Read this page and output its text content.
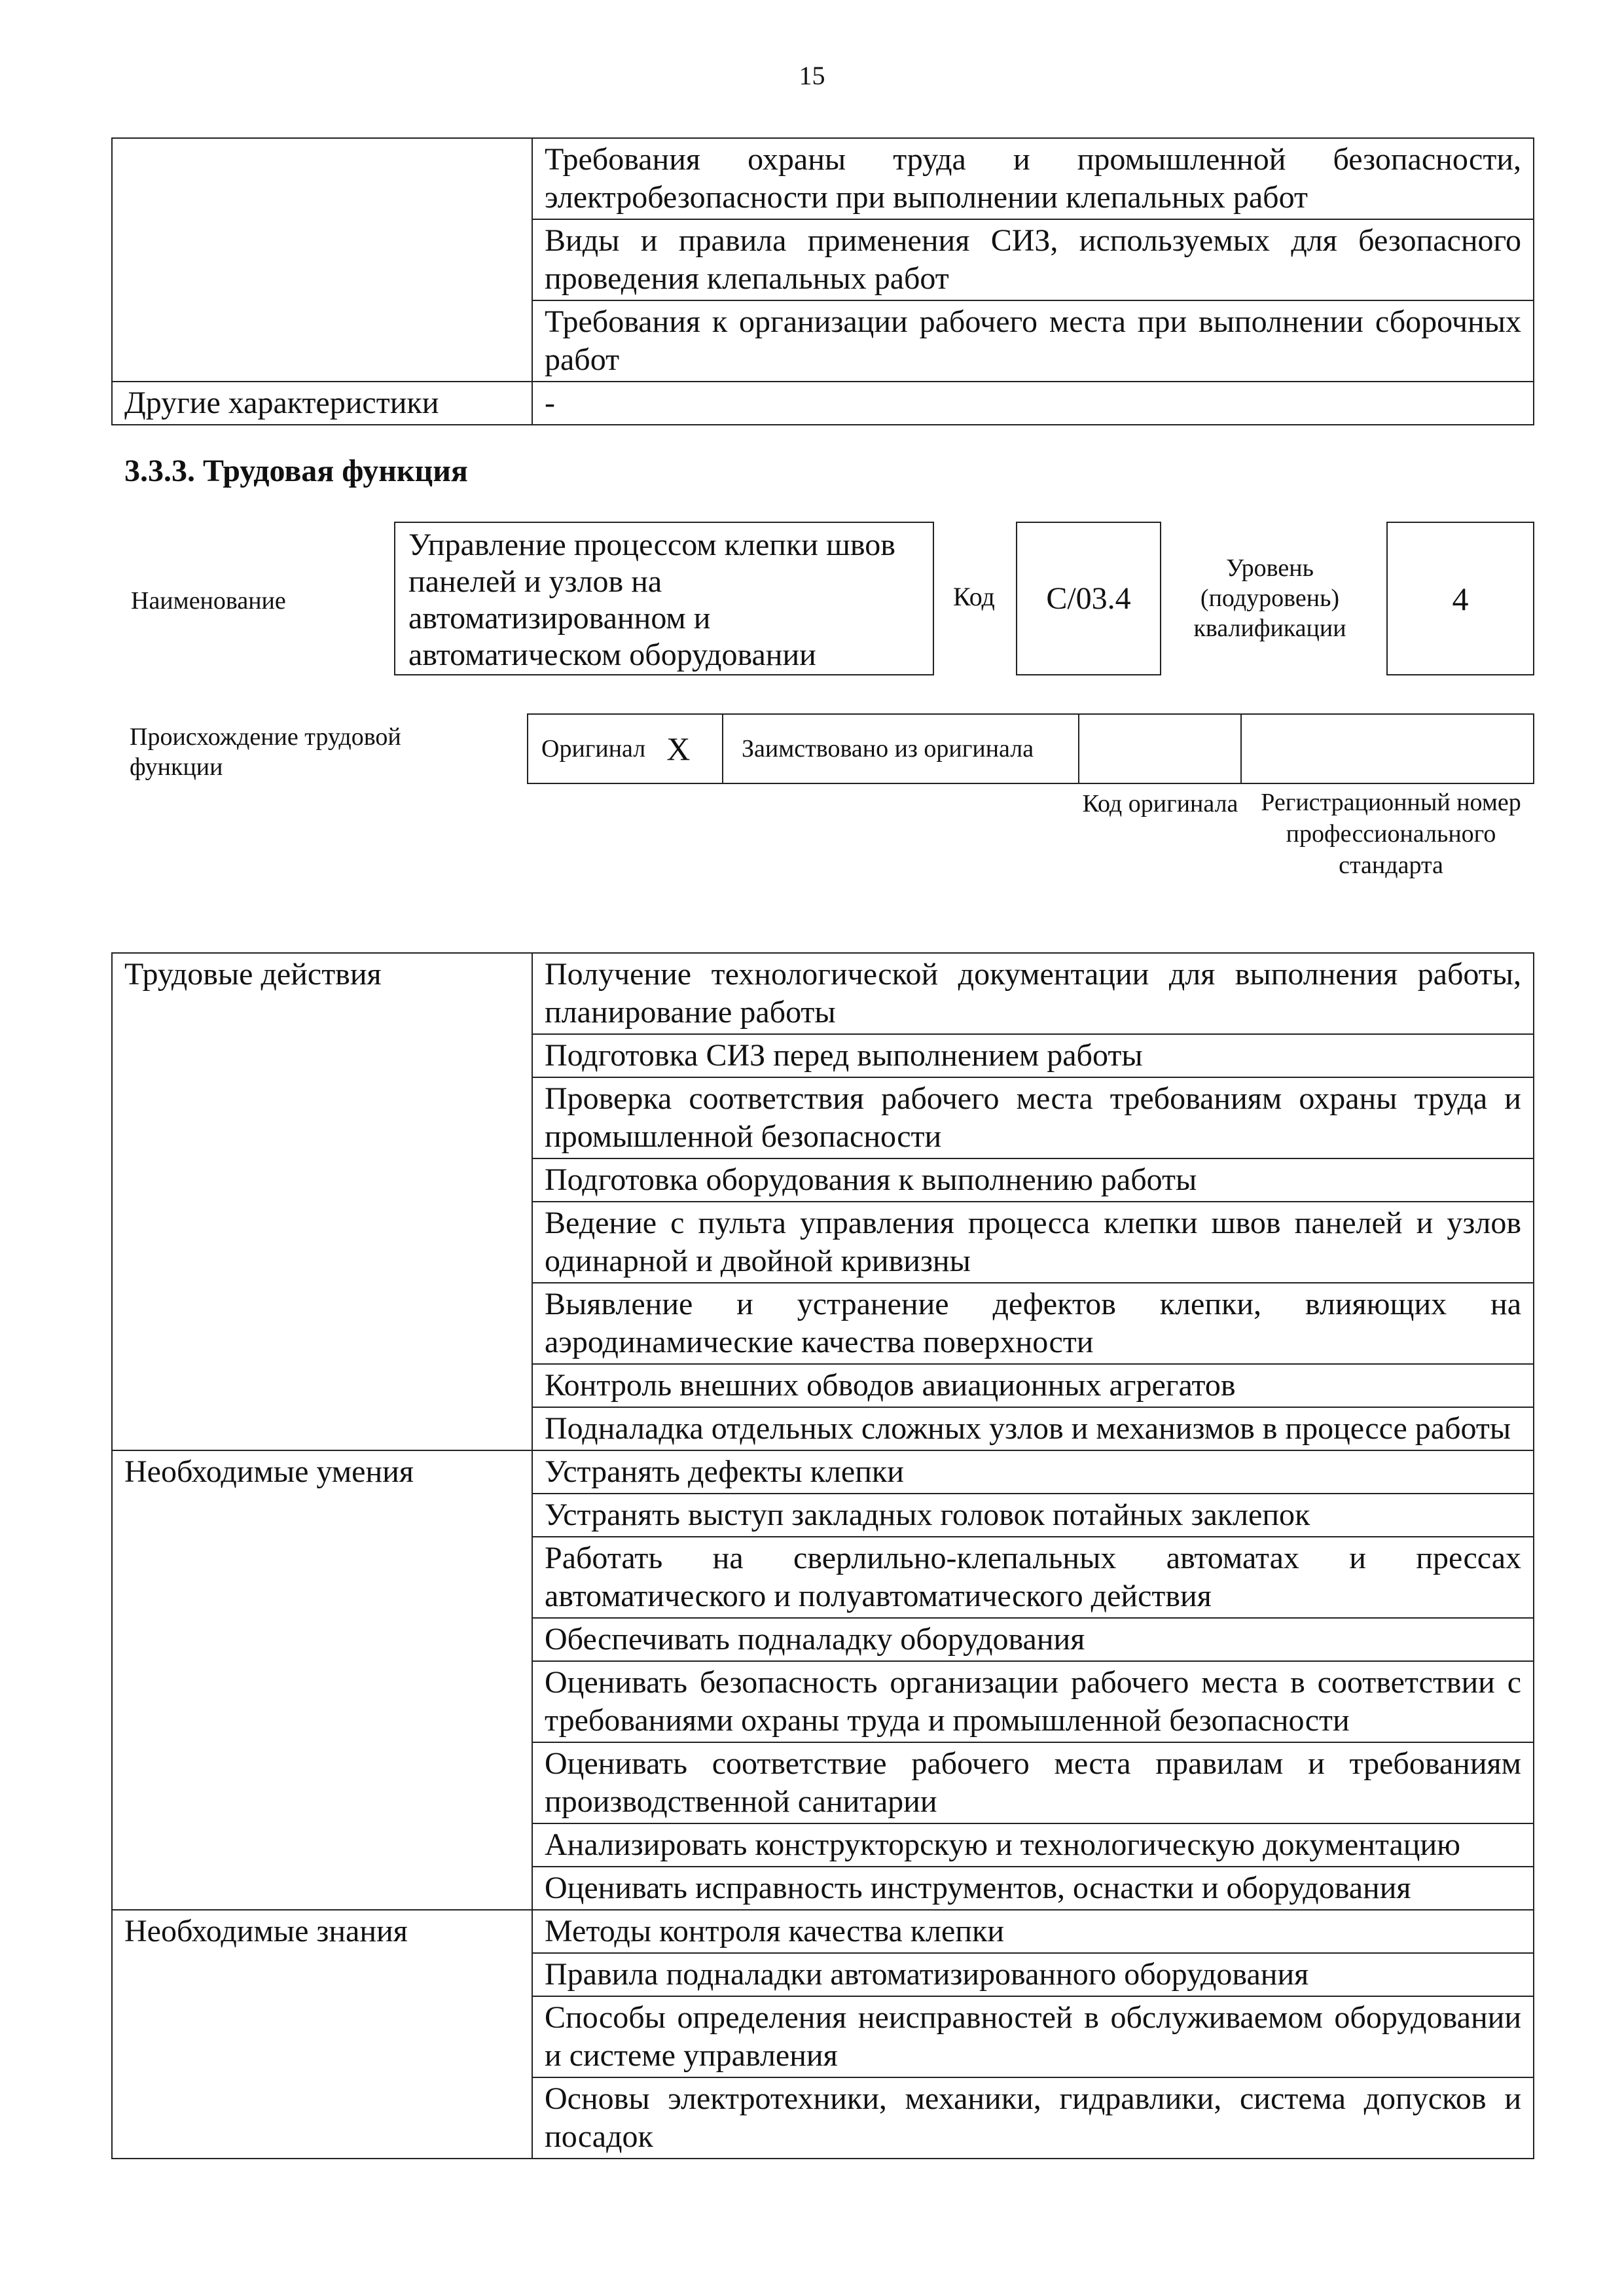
15
	Требования охраны труда и промышленной безопасности, электробезопасности при выполнении клепальных работ
	Виды и правила применения СИЗ, используемых для безопасного проведения клепальных работ
	Требования к организации рабочего места при выполнении сборочных работ
Другие характеристики	-
3.3.3. Трудовая функция
Наименование
Управление процессом клепки швов панелей и узлов на автоматизированном и автоматическом оборудовании
Код	C/03.4
Уровень (подуровень) квалификации
4
Происхождение трудовой функции
Оригинал X	Заимствовано из оригинала
Код оригинала Регистрационный номер профессионального стандарта
Трудовые действия	Получение технологической документации для выполнения работы, планирование работы
	Подготовка СИЗ перед выполнением работы
	Проверка соответствия рабочего места требованиям охраны труда и промышленной безопасности
	Подготовка оборудования к выполнению работы
	Ведение с пульта управления процесса клепки швов панелей и узлов одинарной и двойной кривизны
	Выявление и устранение дефектов клепки, влияющих на аэродинамические качества поверхности
	Контроль внешних обводов авиационных агрегатов
	Подналадка отдельных сложных узлов и механизмов в процессе работы
Необходимые умения	Устранять дефекты клепки
	Устранять выступ закладных головок потайных заклепок
	Работать на сверлильно-клепальных автоматах и прессах автоматического и полуавтоматического действия
	Обеспечивать подналадку оборудования
	Оценивать безопасность организации рабочего места в соответствии с требованиями охраны труда и промышленной безопасности
	Оценивать соответствие рабочего места правилам и требованиям производственной санитарии
	Анализировать конструкторскую и технологическую документацию
	Оценивать исправность инструментов, оснастки и оборудования
Необходимые знания	Методы контроля качества клепки
	Правила подналадки автоматизированного оборудования
	Способы определения неисправностей в обслуживаемом оборудовании и системе управления
	Основы электротехники, механики, гидравлики, система допусков и посадок
